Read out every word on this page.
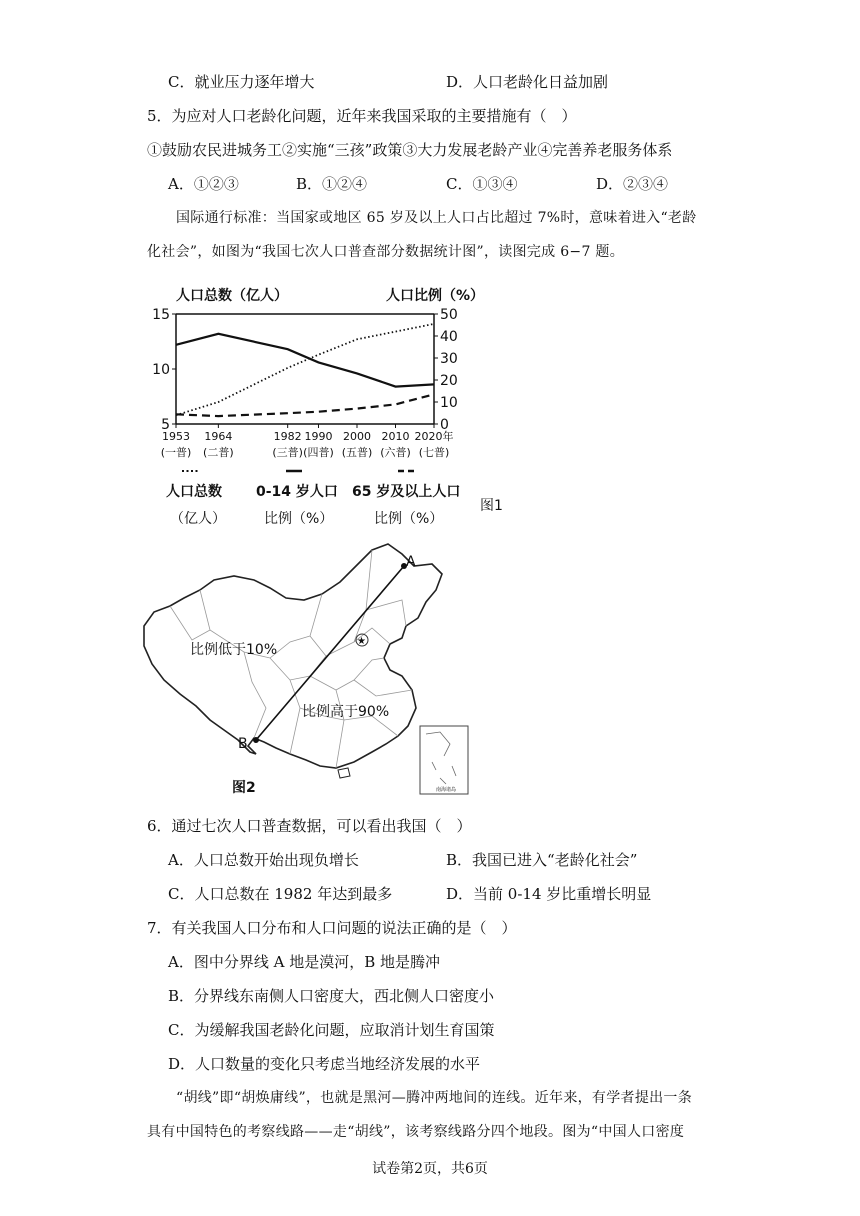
C．就业压力逐年增大	D．人口老龄化日益加剧
5．为应对人口老龄化问题，近年来我国采取的主要措施有（　）
①鼓励农民进城务工②实施“三孩”政策③大力发展老龄产业④完善养老服务体系
A．①②③	B．①②④	C．①③④	D．②③④
国际通行标准：当国家或地区 65 岁及以上人口占比超过 7%时，意味着进入“老龄
化社会”，如图为“我国七次人口普查部分数据统计图”，读图完成 6−7 题。
人口总数（亿人）	人口比例（%）
5
10
15
0
10
20
30
40
50
1953
(一普)
1964
(二普)
1982
(三普)
1990
(四普)
2000
(五普)
2010
(六普)
2020年
(七普)
人口总数
（亿人）
0-14 岁人口
比例（%）
65 岁及以上人口
比例（%）
图1
★
A
B
比例低于10%
比例高于90%
南海诸岛
图2
6．通过七次人口普查数据，可以看出我国（　）
A．人口总数开始出现负增长	B．我国已进入“老龄化社会”
C．人口总数在 1982 年达到最多	D．当前 0-14 岁比重增长明显
7．有关我国人口分布和人口问题的说法正确的是（　）
A．图中分界线 A 地是漠河，B 地是腾冲
B．分界线东南侧人口密度大，西北侧人口密度小
C．为缓解我国老龄化问题，应取消计划生育国策
D．人口数量的变化只考虑当地经济发展的水平
“胡线”即“胡焕庸线”，也就是黑河—腾冲两地间的连线。近年来，有学者提出一条
具有中国特色的考察线路——走“胡线”，该考察线路分四个地段。图为“中国人口密度
试卷第2页，共6页
